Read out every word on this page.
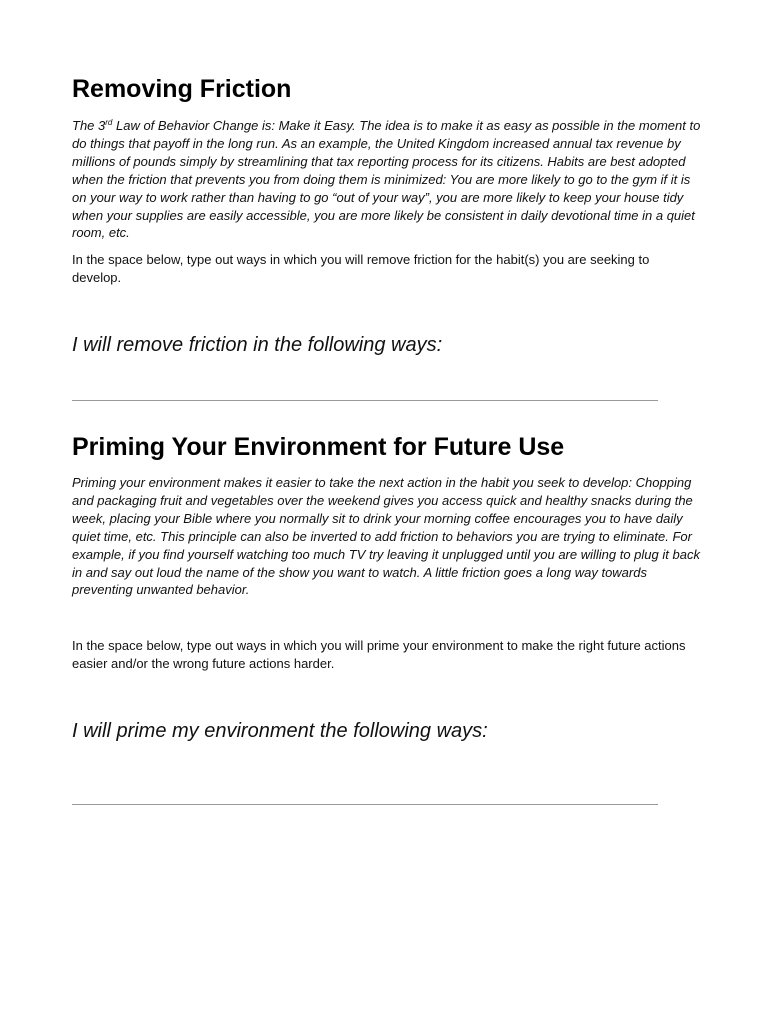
Removing Friction

The 3rd Law of Behavior Change is: Make it Easy. The idea is to make it as easy as possible in the moment to do things that payoff in the long run. As an example, the United Kingdom increased annual tax revenue by millions of pounds simply by streamlining that tax reporting process for its citizens. Habits are best adopted when the friction that prevents you from doing them is minimized: You are more likely to go to the gym if it is on your way to work rather than having to go “out of your way”, you are more likely to keep your house tidy when your supplies are easily accessible, you are more likely be consistent in daily devotional time in a quiet room, etc.

In the space below, type out ways in which you will remove friction for the habit(s) you are seeking to develop.

I will remove friction in the following ways:

Priming Your Environment for Future Use

Priming your environment makes it easier to take the next action in the habit you seek to develop: Chopping and packaging fruit and vegetables over the weekend gives you access quick and healthy snacks during the week, placing your Bible where you normally sit to drink your morning coffee encourages you to have daily quiet time, etc. This principle can also be inverted to add friction to behaviors you are trying to eliminate. For example, if you find yourself watching too much TV try leaving it unplugged until you are willing to plug it back in and say out loud the name of the show you want to watch. A little friction goes a long way towards preventing unwanted behavior.

In the space below, type out ways in which you will prime your environment to make the right future actions easier and/or the wrong future actions harder.

I will prime my environment the following ways:
